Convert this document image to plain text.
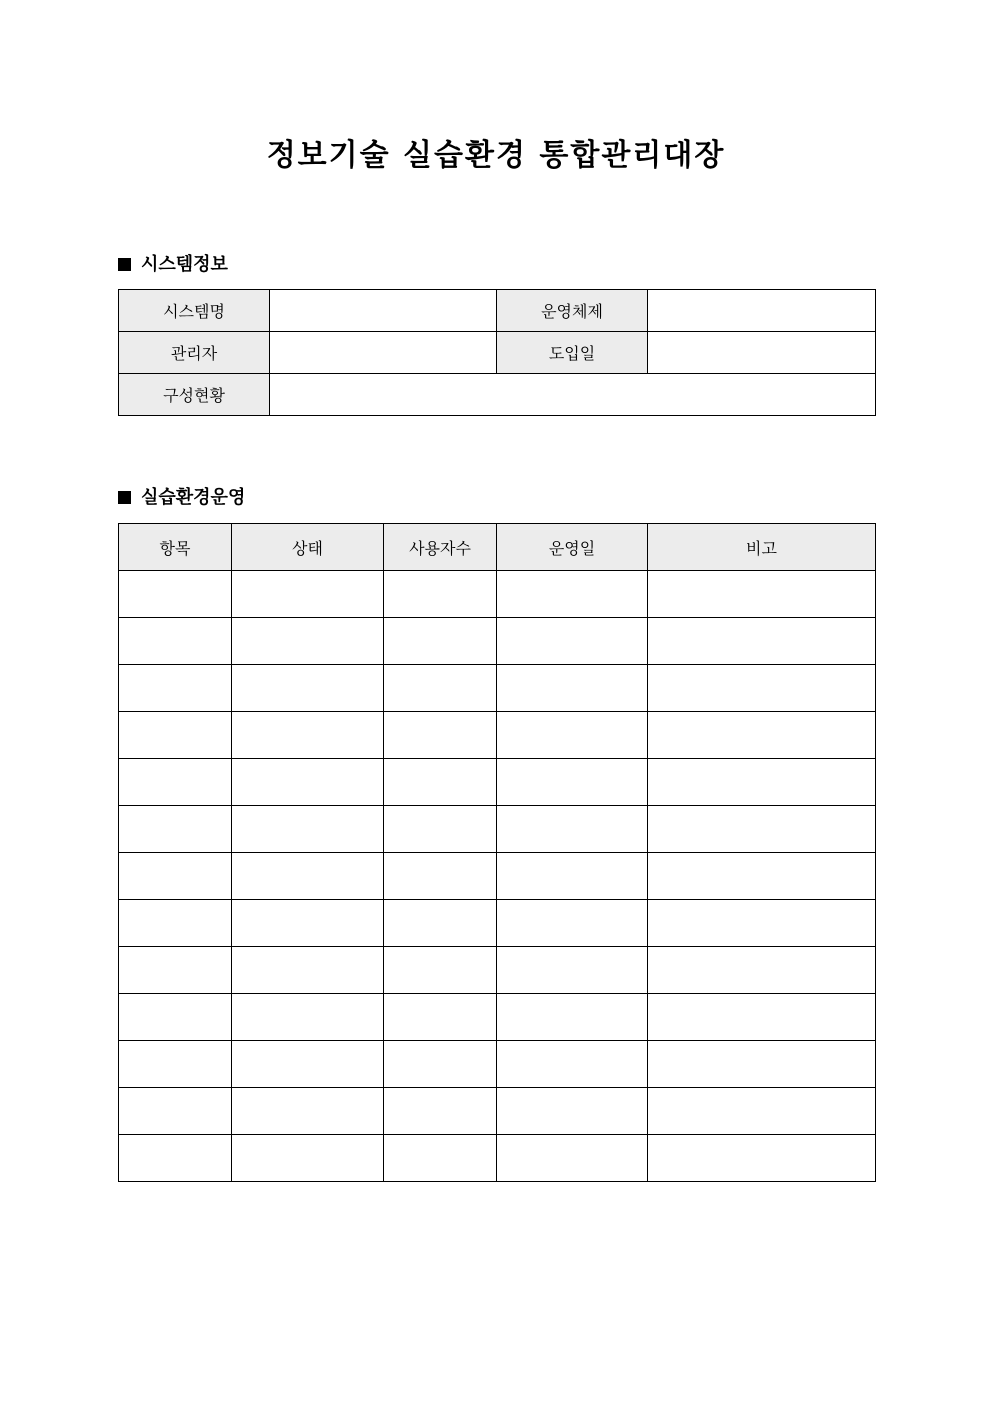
정보기술 실습환경 통합관리대장
시스템정보
시스템명		운영체제	
관리자		도입일	
구성현황			
실습환경운영
항목	상태	사용자수	운영일	비고
